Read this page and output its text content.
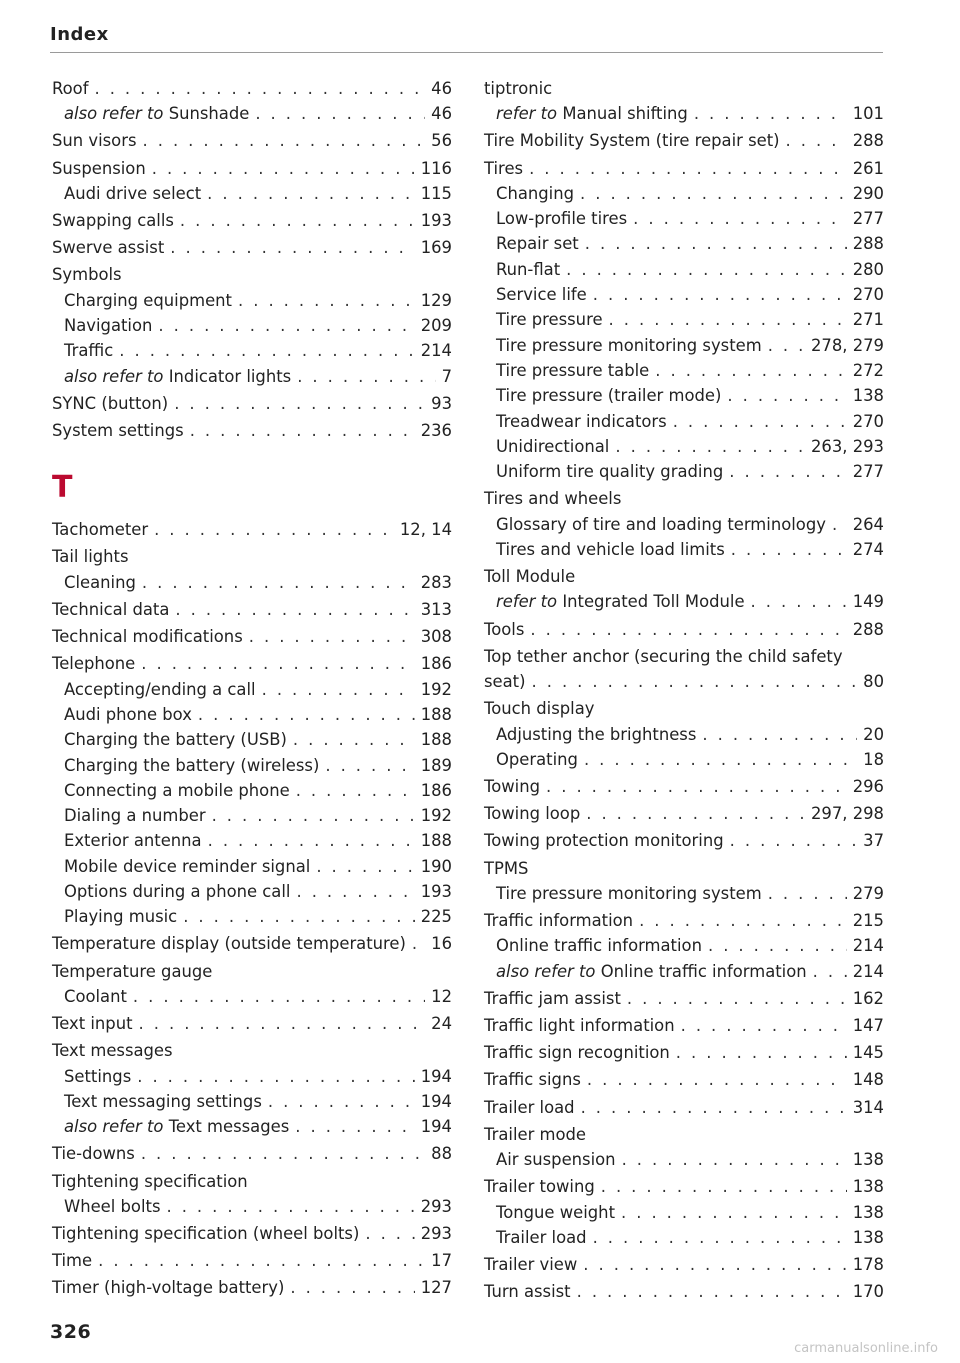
Index
Roof . . .	46
also refer to Sunshade . . .	46
Sun visors . . .	56
Suspension . . .	116
Audi drive select . . .	115
Swapping calls . . .	193
Swerve assist . . .	169
Symbols
Charging equipment . . .	129
Navigation . . .	209
Traffic . . .	214
also refer to Indicator lights . . .	7
SYNC (button) . . .	93
System settings . . .	236
T
Tachometer . . .	12, 14
Tail lights
Cleaning . . .	283
Technical data . . .	313
Technical modifications . . .	308
Telephone . . .	186
Accepting/ending a call . . .	192
Audi phone box . . .	188
Charging the battery (USB) . . .	188
Charging the battery (wireless) . . .	189
Connecting a mobile phone . . .	186
Dialing a number . . .	192
Exterior antenna . . .	188
Mobile device reminder signal . . .	190
Options during a phone call . . .	193
Playing music . . .	225
Temperature display (outside temperature) . . . 16
Temperature gauge
Coolant . . .	12
Text input . . .	24
Text messages
Settings . . .	194
Text messaging settings . . .	194
also refer to Text messages . . .	194
Tie-downs . . .	88
Tightening specification
Wheel bolts . . .	293
Tightening specification (wheel bolts) . . .	293
Time . . .	17
Timer (high-voltage battery) . . .	127
tiptronic
refer to Manual shifting . . .	101
Tire Mobility System (tire repair set) . . .	288
Tires . . .	261
Changing . . .	290
Low-profile tires . . .	277
Repair set . . .	288
Run-flat . . .	280
Service life . . .	270
Tire pressure . . .	271
Tire pressure monitoring system . . .	278, 279
Tire pressure table . . .	272
Tire pressure (trailer mode) . . .	138
Treadwear indicators . . .	270
Unidirectional . . .	263, 293
Uniform tire quality grading . . .	277
Tires and wheels
Glossary of tire and loading terminology . . . 264
Tires and vehicle load limits . . .	274
Toll Module
refer to Integrated Toll Module . . .	149
Tools . . .	288
Top tether anchor (securing the child safety
seat) . . .	80
Touch display
Adjusting the brightness . . .	20
Operating . . .	18
Towing . . .	296
Towing loop . . .	297, 298
Towing protection monitoring . . .	37
TPMS
Tire pressure monitoring system . . .	279
Traffic information . . .	215
Online traffic information . . .	214
also refer to Online traffic information . . .	214
Traffic jam assist . . .	162
Traffic light information . . .	147
Traffic sign recognition . . .	145
Traffic signs . . .	148
Trailer load . . .	314
Trailer mode
Air suspension . . .	138
Trailer towing . . .	138
Tongue weight . . .	138
Trailer load . . .	138
Trailer view . . .	178
Turn assist . . .	170
326
carmanualsonline.info
